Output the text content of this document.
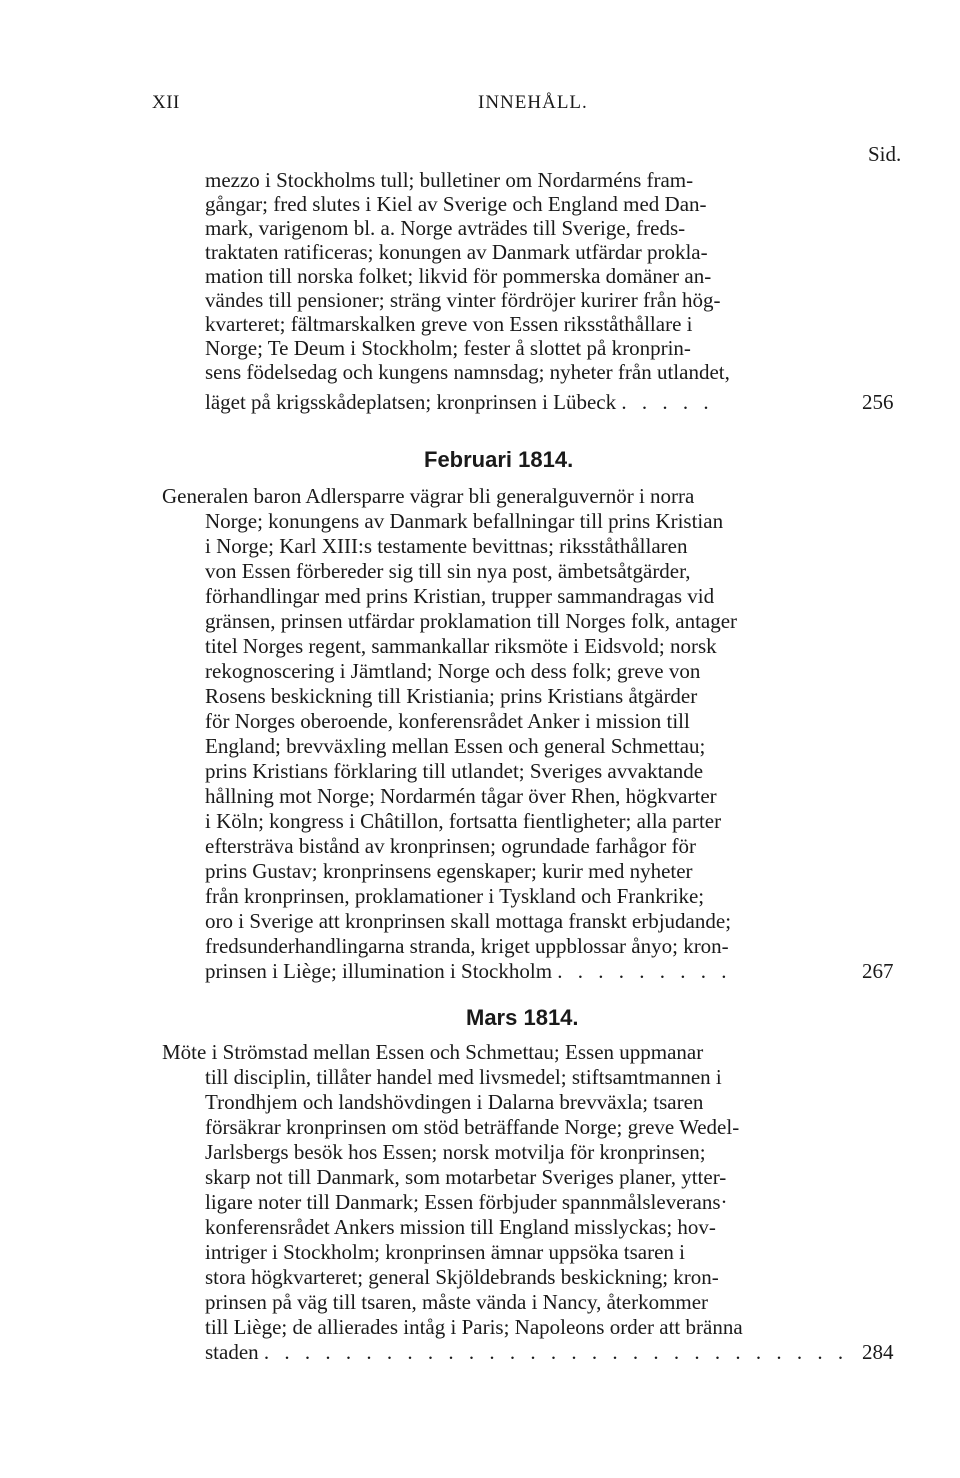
XII	INNEHÅLL.
Sid.
mezzo i Stockholms tull; bulletiner om Nordarméns fram-
gångar; fred slutes i Kiel av Sverige och England med Dan-
mark, varigenom bl. a. Norge avträdes till Sverige, freds-
traktaten ratificeras; konungen av Danmark utfärdar prokla-
mation till norska folket; likvid för pommerska domäner an-
vändes till pensioner; sträng vinter fördröjer kurirer från hög-
kvarteret; fältmarskalken greve von Essen riksståthållare i
Norge; Te Deum i Stockholm; fester å slottet på kronprin-
sens födelsedag och kungens namnsdag; nyheter från utlandet,
läget på krigsskådeplatsen; kronprinsen i Lübeck . . . . .	256
Februari 1814.
Generalen baron Adlersparre vägrar bli generalguvernör i norra
Norge; konungens av Danmark befallningar till prins Kristian
i Norge; Karl XIII:s testamente bevittnas; riksståthållaren
von Essen förbereder sig till sin nya post, ämbetsåtgärder,
förhandlingar med prins Kristian, trupper sammandragas vid
gränsen, prinsen utfärdar proklamation till Norges folk, antager
titel Norges regent, sammankallar riksmöte i Eidsvold; norsk
rekognoscering i Jämtland; Norge och dess folk; greve von
Rosens beskickning till Kristiania; prins Kristians åtgärder
för Norges oberoende, konferensrådet Anker i mission till
England; brevväxling mellan Essen och general Schmettau;
prins Kristians förklaring till utlandet; Sveriges avvaktande
hållning mot Norge; Nordarmén tågar över Rhen, högkvarter
i Köln; kongress i Châtillon, fortsatta fientligheter; alla parter
eftersträva bistånd av kronprinsen; ogrundade farhågor för
prins Gustav; kronprinsens egenskaper; kurir med nyheter
från kronprinsen, proklamationer i Tyskland och Frankrike;
oro i Sverige att kronprinsen skall mottaga franskt erbjudande;
fredsunderhandlingarna stranda, kriget uppblossar ånyo; kron-
prinsen i Liège; illumination i Stockholm . . . . . . . . .	267
Mars 1814.
Möte i Strömstad mellan Essen och Schmettau; Essen uppmanar
till disciplin, tillåter handel med livsmedel; stiftsamtmannen i
Trondhjem och landshövdingen i Dalarna brevväxla; tsaren
försäkrar kronprinsen om stöd beträffande Norge; greve Wedel-
Jarlsbergs besök hos Essen; norsk motvilja för kronprinsen;
skarp not till Danmark, som motarbetar Sveriges planer, ytter-
ligare noter till Danmark; Essen förbjuder spannmålsleverans·
konferensrådet Ankers mission till England misslyckas; hov-
intriger i Stockholm; kronprinsen ämnar uppsöka tsaren i
stora högkvarteret; general Skjöldebrands beskickning; kron-
prinsen på väg till tsaren, måste vända i Nancy, återkommer
till Liège; de allierades intåg i Paris; Napoleons order att bränna
staden . . . . . . . . . . . . . . . . . . . . . . . . . . . . . 284
